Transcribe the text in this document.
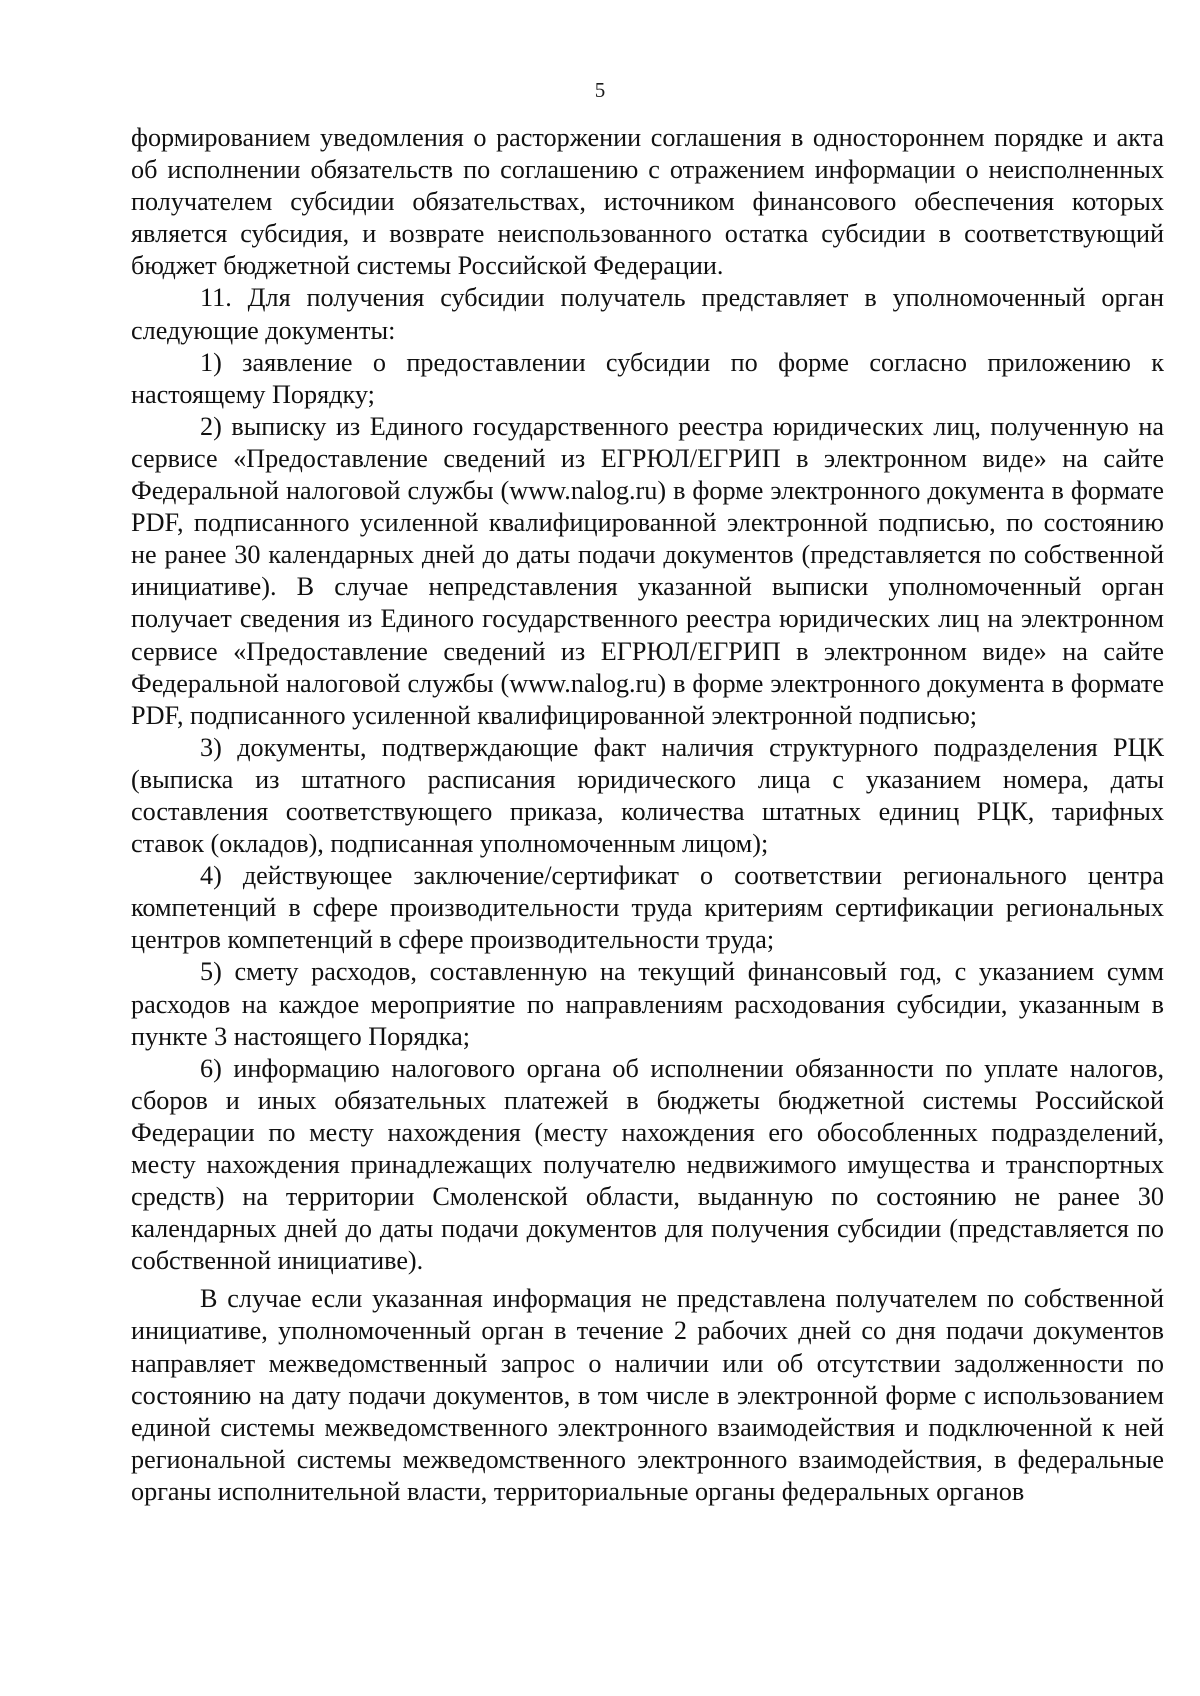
5

формированием уведомления о расторжении соглашения в одностороннем порядке и акта об исполнении обязательств по соглашению с отражением информации о неисполненных получателем субсидии обязательствах, источником финансового обеспечения которых является субсидия, и возврате неиспользованного остатка субсидии в соответствующий бюджет бюджетной системы Российской Федерации.

11. Для получения субсидии получатель представляет в уполномоченный орган следующие документы:

1) заявление о предоставлении субсидии по форме согласно приложению к настоящему Порядку;

2) выписку из Единого государственного реестра юридических лиц, полученную на сервисе «Предоставление сведений из ЕГРЮЛ/ЕГРИП в электронном виде» на сайте Федеральной налоговой службы (www.nalog.ru) в форме электронного документа в формате PDF, подписанного усиленной квалифицированной электронной подписью, по состоянию не ранее 30 календарных дней до даты подачи документов (представляется по собственной инициативе). В случае непредставления указанной выписки уполномоченный орган получает сведения из Единого государственного реестра юридических лиц на электронном сервисе «Предоставление сведений из ЕГРЮЛ/ЕГРИП в электронном виде» на сайте Федеральной налоговой службы (www.nalog.ru) в форме электронного документа в формате PDF, подписанного усиленной квалифицированной электронной подписью;

3) документы, подтверждающие факт наличия структурного подразделения РЦК (выписка из штатного расписания юридического лица с указанием номера, даты составления соответствующего приказа, количества штатных единиц РЦК, тарифных ставок (окладов), подписанная уполномоченным лицом);

4) действующее заключение/сертификат о соответствии регионального центра компетенций в сфере производительности труда критериям сертификации региональных центров компетенций в сфере производительности труда;

5) смету расходов, составленную на текущий финансовый год, с указанием сумм расходов на каждое мероприятие по направлениям расходования субсидии, указанным в пункте 3 настоящего Порядка;

6) информацию налогового органа об исполнении обязанности по уплате налогов, сборов и иных обязательных платежей в бюджеты бюджетной системы Российской Федерации по месту нахождения (месту нахождения его обособленных подразделений, месту нахождения принадлежащих получателю недвижимого имущества и транспортных средств) на территории Смоленской области, выданную по состоянию не ранее 30 календарных дней до даты подачи документов для получения субсидии (представляется по собственной инициативе).

В случае если указанная информация не представлена получателем по собственной инициативе, уполномоченный орган в течение 2 рабочих дней со дня подачи документов направляет межведомственный запрос о наличии или об отсутствии задолженности по состоянию на дату подачи документов, в том числе в электронной форме с использованием единой системы межведомственного электронного взаимодействия и подключенной к ней региональной системы межведомственного электронного взаимодействия, в федеральные органы исполнительной власти, территориальные органы федеральных органов
